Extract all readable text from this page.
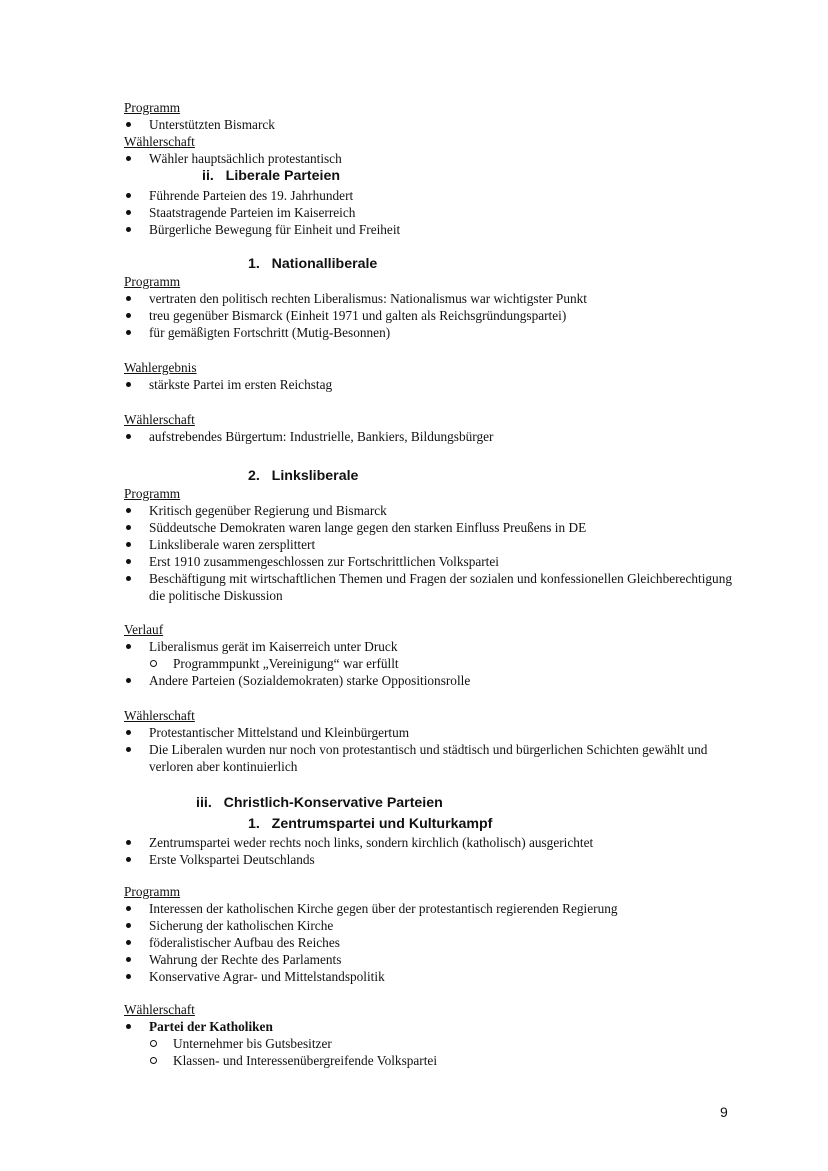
Programm
Unterstützten Bismarck
Wählerschaft
Wähler hauptsächlich protestantisch
ii. Liberale Parteien
Führende Parteien des 19. Jahrhundert
Staatstragende Parteien im Kaiserreich
Bürgerliche Bewegung für Einheit und Freiheit
1. Nationalliberale
Programm
vertraten den politisch rechten Liberalismus: Nationalismus war wichtigster Punkt
treu gegenüber Bismarck (Einheit 1971 und galten als Reichsgründungspartei)
für gemäßigten Fortschritt (Mutig-Besonnen)
Wahlergebnis
stärkste Partei im ersten Reichstag
Wählerschaft
aufstrebendes Bürgertum: Industrielle, Bankiers, Bildungsbürger
2. Linksliberale
Programm
Kritisch gegenüber Regierung und Bismarck
Süddeutsche Demokraten waren lange gegen den starken Einfluss Preußens in DE
Linksliberale waren zersplittert
Erst 1910 zusammengeschlossen zur Fortschrittlichen Volkspartei
Beschäftigung mit wirtschaftlichen Themen und Fragen der sozialen und konfessionellen Gleichberechtigung die politische Diskussion
Verlauf
Liberalismus gerät im Kaiserreich unter Druck
Programmpunkt „Vereinigung“ war erfüllt
Andere Parteien (Sozialdemokraten) starke Oppositionsrolle
Wählerschaft
Protestantischer Mittelstand und Kleinbürgertum
Die Liberalen wurden nur noch von protestantisch und städtisch und bürgerlichen Schichten gewählt und verloren aber kontinuierlich
iii. Christlich-Konservative Parteien
1. Zentrumspartei und Kulturkampf
Zentrumspartei weder rechts noch links, sondern kirchlich (katholisch) ausgerichtet
Erste Volkspartei Deutschlands
Programm
Interessen der katholischen Kirche gegen über der protestantisch regierenden Regierung
Sicherung der katholischen Kirche
föderalistischer Aufbau des Reiches
Wahrung der Rechte des Parlaments
Konservative Agrar- und Mittelstandspolitik
Wählerschaft
Partei der Katholiken
Unternehmer bis Gutsbesitzer
Klassen- und Interessenübergreifende Volkspartei
9
